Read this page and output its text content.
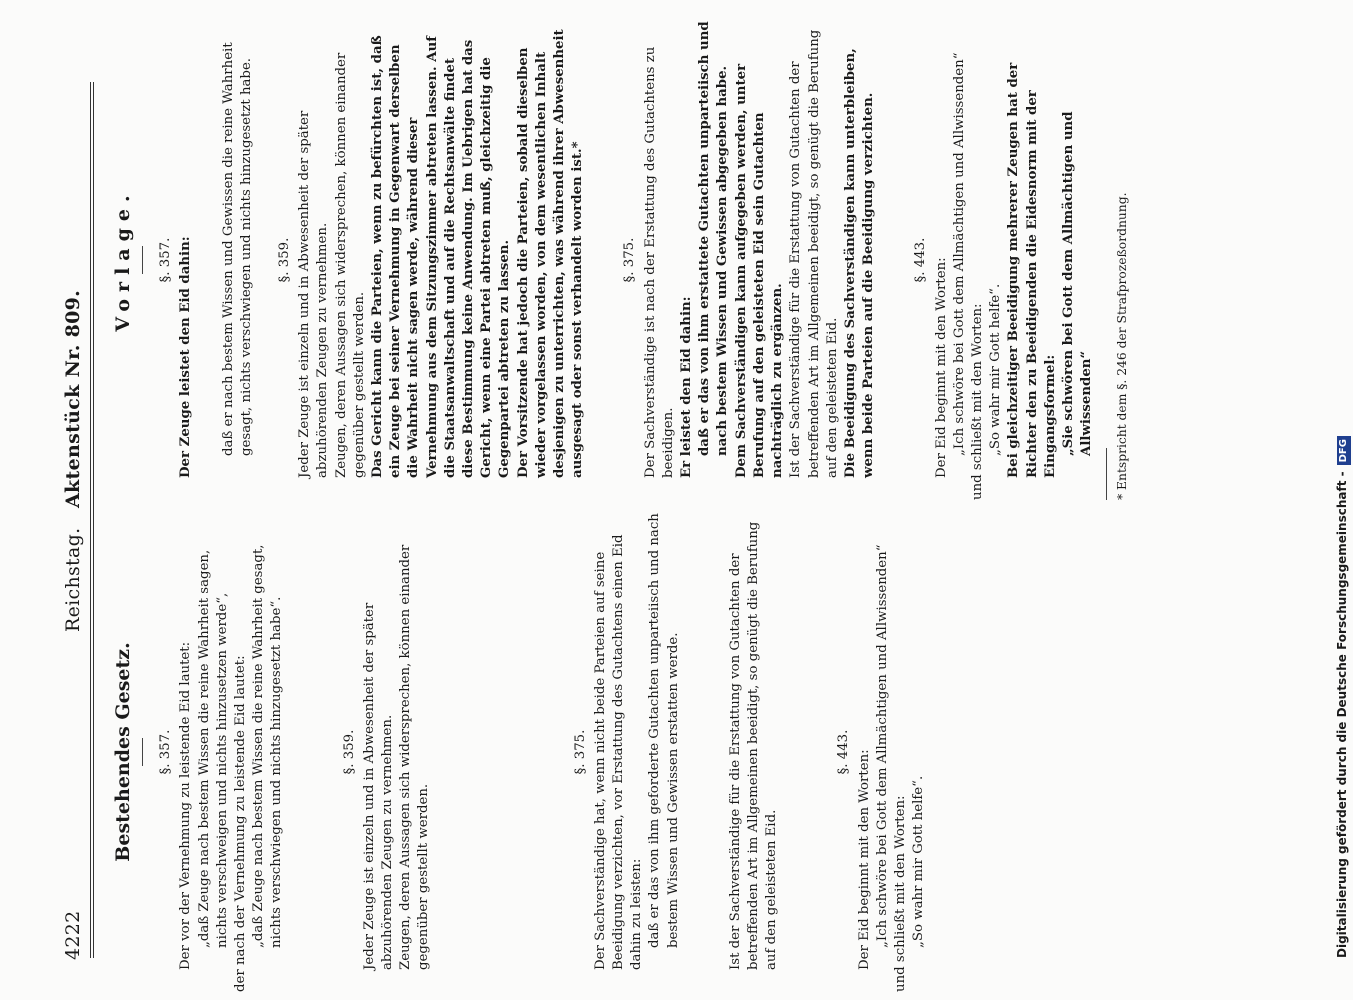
4222
Reichstag.
Aktenstück Nr. 809.
Bestehendes Gesetz. §. 357. Der vor der Vernehmung zu leistende Eid lautet: „daß Zeuge nach bestem Wissen die reine Wahrheit sagen, nichts verschweigen und nichts hinzusetzen werde“, der nach der Vernehmung zu leistende Eid lautet: „daß Zeuge nach bestem Wissen die reine Wahrheit gesagt, nichts verschwiegen und nichts hinzugesetzt habe“.	§. 359. Jeder Zeuge ist einzeln und in Abwesenheit der später abzuhörenden Zeugen zu vernehmen. Zeugen, deren Aussagen sich widersprechen, können einander gegenüber gestellt werden.

§. 375. Der Sachverständige hat, wenn nicht beide Parteien auf seine Beeidigung verzichten, vor Erstattung des Gutachtens einen Eid dahin zu leisten: daß er das von ihm geforderte Gutachten unparteiisch und nach bestem Wissen und Gewissen erstatten werde.	Ist der Sachverständige für die Erstattung von Gutachten der betreffenden Art im Allgemeinen beeidigt, so genügt die Berufung auf den geleisteten Eid.

§. 443. Der Eid beginnt mit den Worten: „Ich schwöre bei Gott dem Allmächtigen und Allwissenden“ und schließt mit den Worten: „So wahr mir Gott helfe“.

Vorlage. §. 357. Der Zeuge leistet den Eid dahin: daß er nach bestem Wissen und Gewissen die reine Wahrheit gesagt, nichts verschwiegen und nichts hinzugesetzt habe. §. 359. Jeder Zeuge ist einzeln und in Abwesenheit der später abzuhörenden Zeugen zu vernehmen. Zeugen, deren Aussagen sich widersprechen, können einander gegenüber gestellt werden. Das Gericht kann die Parteien, wenn zu befürchten ist, daß ein Zeuge bei seiner Vernehmung in Gegenwart derselben die Wahrheit nicht sagen werde, während dieser Vernehmung aus dem Sitzungszimmer abtreten lassen. Auf die Staatsanwaltschaft und auf die Rechtsanwälte findet diese Bestimmung keine Anwendung. Im Uebrigen hat das Gericht, wenn eine Partei abtreten muß, gleichzeitig die Gegenpartei abtreten zu lassen. Der Vorsitzende hat jedoch die Parteien, sobald dieselben wieder vorgelassen worden, von dem wesentlichen Inhalt desjenigen zu unterrichten, was während ihrer Abwesenheit ausgesagt oder sonst verhandelt worden ist.*	§. 375. Der Sachverständige ist nach der Erstattung des Gutachtens zu beeidigen. Er leistet den Eid dahin: daß er das von ihm erstattete Gutachten unparteiisch und nach bestem Wissen und Gewissen abgegeben habe. Dem Sachverständigen kann aufgegeben werden, unter Berufung auf den geleisteten Eid sein Gutachten nachträglich zu ergänzen. Ist der Sachverständige für die Erstattung von Gutachten der betreffenden Art im Allgemeinen beeidigt, so genügt die Berufung auf den geleisteten Eid. Die Beeidigung des Sachverständigen kann unterbleiben, wenn beide Parteien auf die Beeidigung verzichten.	§. 443. Der Eid beginnt mit den Worten: „Ich schwöre bei Gott dem Allmächtigen und Allwissenden“ und schließt mit den Worten: „So wahr mir Gott helfe“. Bei gleichzeitiger Beeidigung mehrerer Zeugen hat der Richter den zu Beeidigenden die Eidesnorm mit der Eingangsformel: „Sie schwören bei Gott dem Allmächtigen und Allwissenden“ * Entspricht dem §. 246 der Strafprozeßordnung.

Digitalisierung gefördert durch die Deutsche Forschungsgemeinschaft -DFG
